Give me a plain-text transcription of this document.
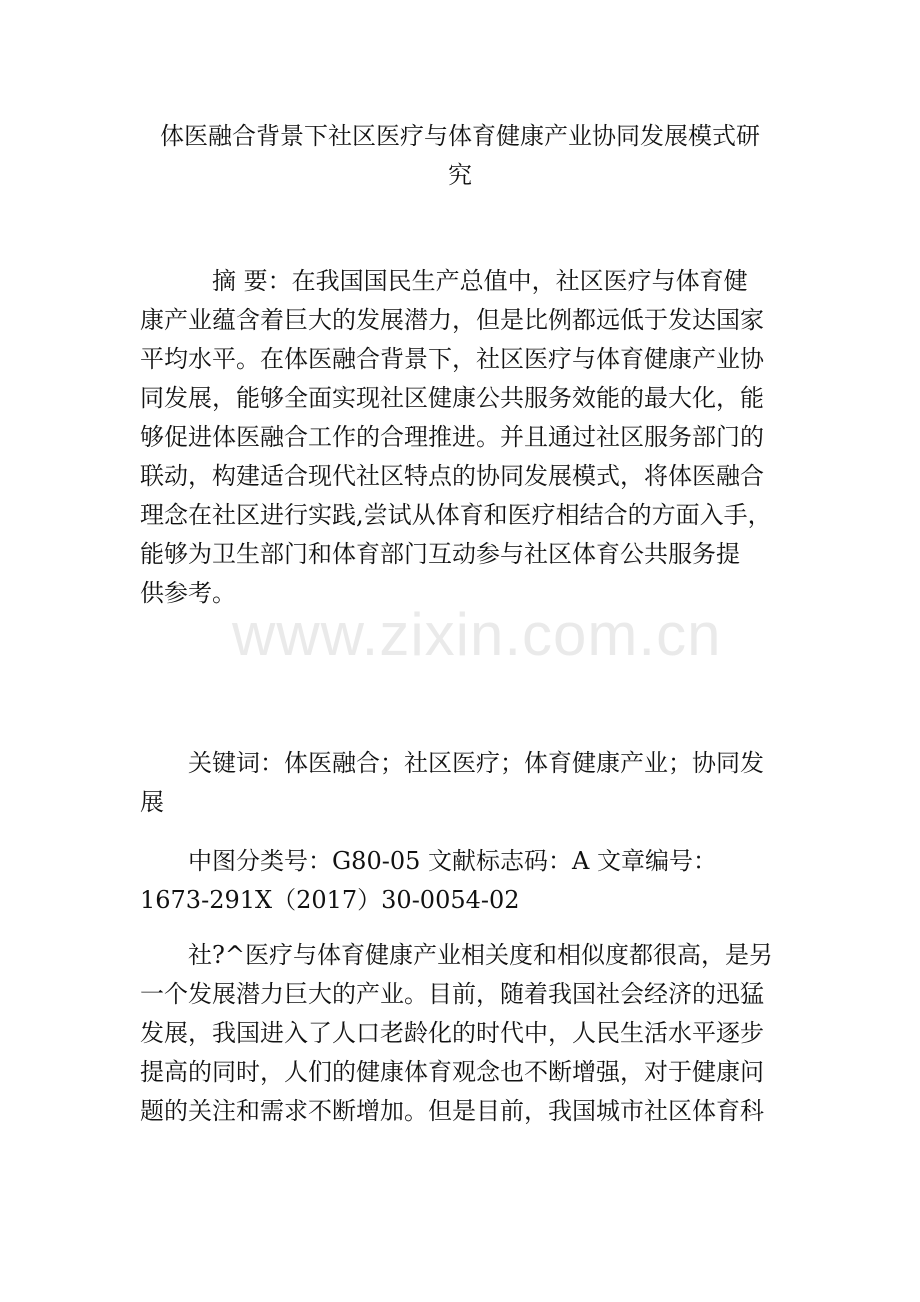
体医融合背景下社区医疗与体育健康产业协同发展模式研
究
摘 要：在我国国民生产总值中，社区医疗与体育健
康产业蕴含着巨大的发展潜力，但是比例都远低于发达国家
平均水平。在体医融合背景下，社区医疗与体育健康产业协
同发展，能够全面实现社区健康公共服务效能的最大化，能
够促进体医融合工作的合理推进。并且通过社区服务部门的
联动，构建适合现代社区特点的协同发展模式，将体医融合
理念在社区进行实践,尝试从体育和医疗相结合的方面入手，
能够为卫生部门和体育部门互动参与社区体育公共服务提
供参考。
关键词：体医融合；社区医疗；体育健康产业；协同发
展
中图分类号：G80-05 文献标志码：A 文章编号：
1673-291X（2017）30-0054-02
社?^医疗与体育健康产业相关度和相似度都很高，是另
一个发展潜力巨大的产业。目前，随着我国社会经济的迅猛
发展，我国进入了人口老龄化的时代中，人民生活水平逐步
提高的同时，人们的健康体育观念也不断增强，对于健康问
题的关注和需求不断增加。但是目前，我国城市社区体育科
www.zixin.com.cn
